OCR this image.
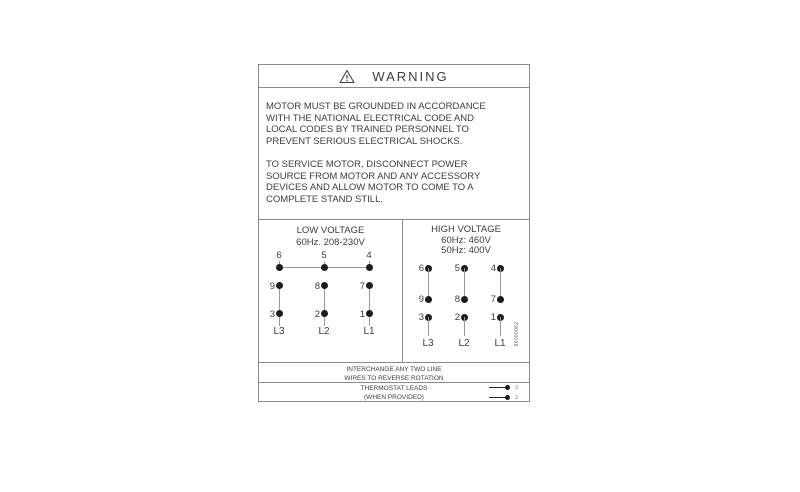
WARNING
MOTOR MUST BE GROUNDED IN ACCORDANCE
WITH THE NATIONAL ELECTRICAL CODE AND
LOCAL CODES BY TRAINED PERSONNEL TO
PREVENT SERIOUS ELECTRICAL SHOCKS.
TO SERVICE MOTOR, DISCONNECT POWER
SOURCE FROM MOTOR AND ANY ACCESSORY
DEVICES AND ALLOW MOTOR TO COME TO A
COMPLETE STAND STILL.
LOW VOLTAGE
60Hz. 208-230V
6	5	4
9	8	7
3	2	1
L3	L2	L1
HIGH VOLTAGE
60Hz: 460V
50Hz: 400V
6	5	4
9	8	7
3	2	1
L3	L2	L1	96000062
INTERCHANGE ANY TWO LINE
WIRES TO REVERSE ROTATION
THERMOSTAT LEADS
(WHEN PROVIDED)
J
J
